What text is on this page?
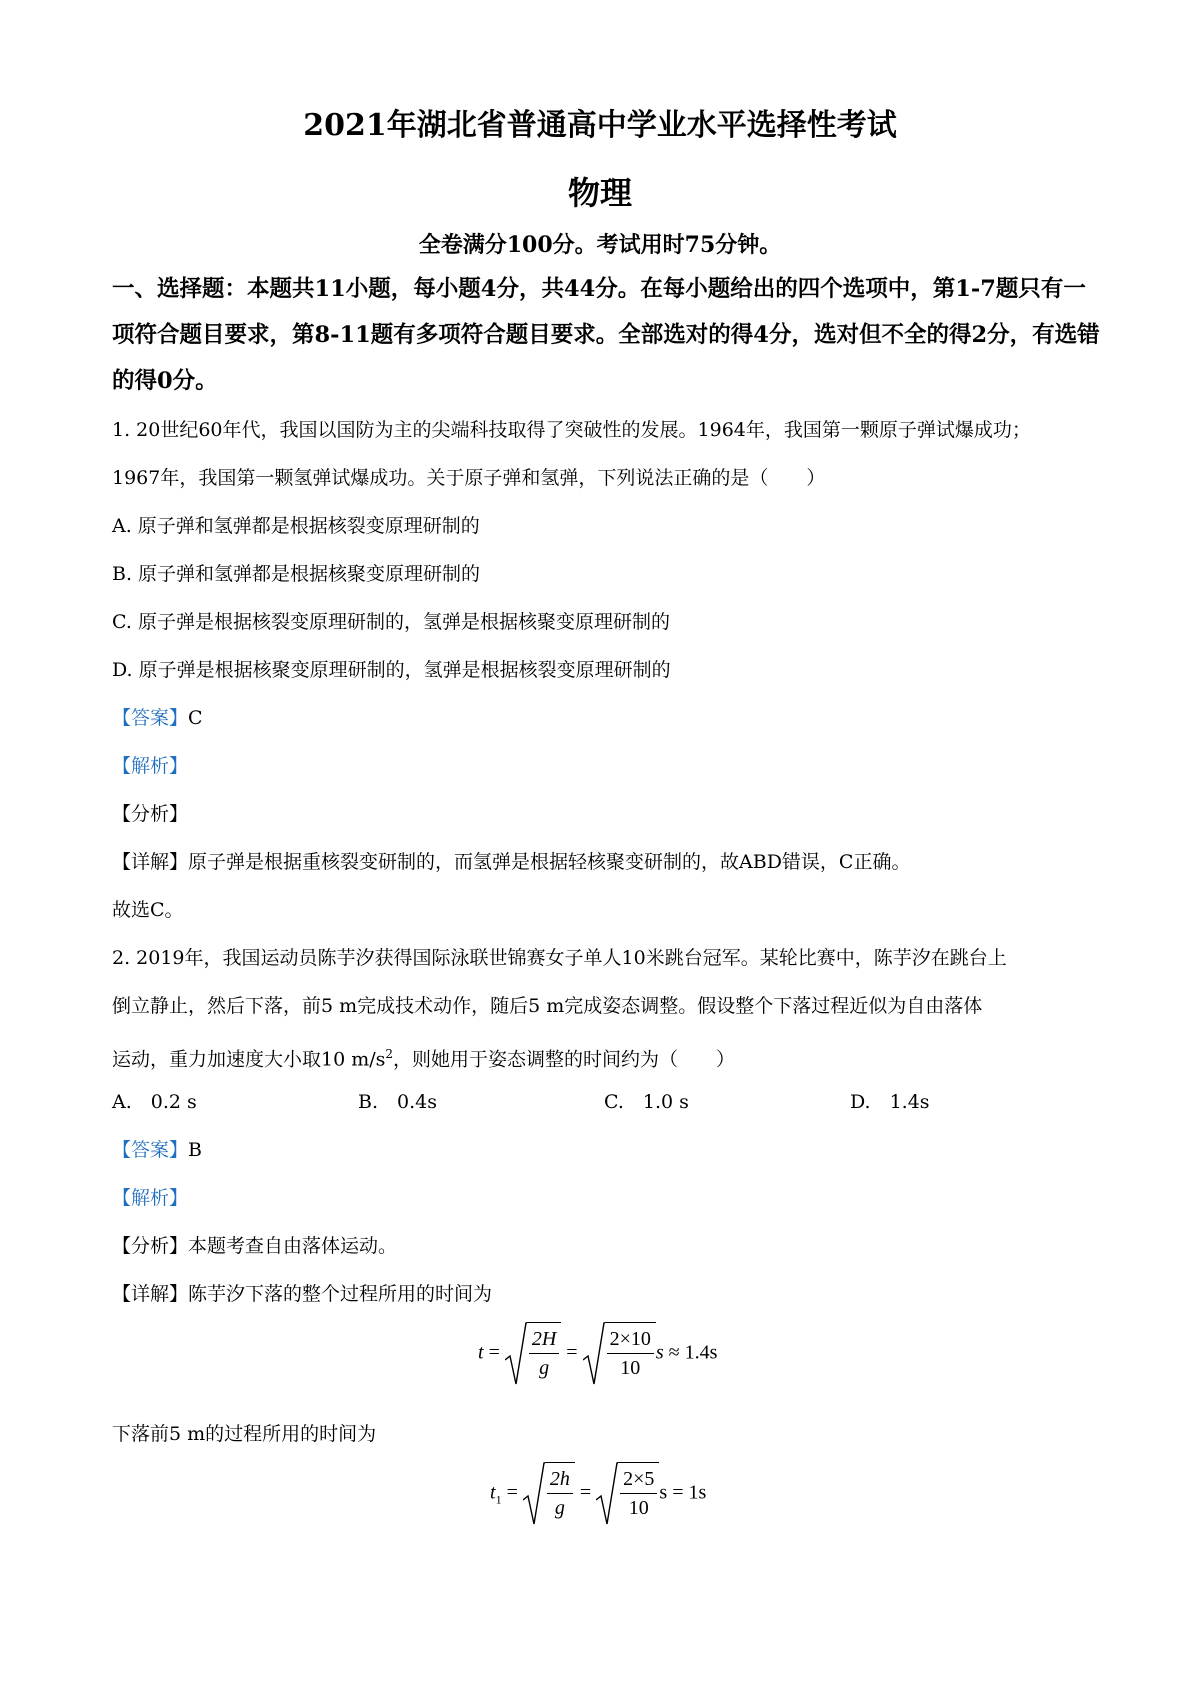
2021年湖北省普通高中学业水平选择性考试
物理
全卷满分100分。考试用时75分钟。
一、选择题：本题共11小题，每小题4分，共44分。在每小题给出的四个选项中，第1-7题只有一项符合题目要求，第8-11题有多项符合题目要求。全部选对的得4分，选对但不全的得2分，有选错的得0分。
1. 20世纪60年代，我国以国防为主的尖端科技取得了突破性的发展。1964年，我国第一颗原子弹试爆成功；
1967年，我国第一颗氢弹试爆成功。关于原子弹和氢弹，下列说法正确的是（　　）
A. 原子弹和氢弹都是根据核裂变原理研制的
B. 原子弹和氢弹都是根据核聚变原理研制的
C. 原子弹是根据核裂变原理研制的，氢弹是根据核聚变原理研制的
D. 原子弹是根据核聚变原理研制的，氢弹是根据核裂变原理研制的
【答案】C
【解析】
【分析】
【详解】原子弹是根据重核裂变研制的，而氢弹是根据轻核聚变研制的，故ABD错误，C正确。
故选C。
2. 2019年，我国运动员陈芋汐获得国际泳联世锦赛女子单人10米跳台冠军。某轮比赛中，陈芋汐在跳台上
倒立静止，然后下落，前5 m完成技术动作，随后5 m完成姿态调整。假设整个下落过程近似为自由落体
运动，重力加速度大小取10 $m/s^2$，则她用于姿态调整的时间约为（　　）
A.　0.2 s	B.　0.4s	C.　1.0 s	D.　1.4s
【答案】B
【解析】
【分析】本题考查自由落体运动。
【详解】陈芋汐下落的整个过程所用的时间为
$t = \frac{2H}{g} = \frac{2\times 10}{10}$ s ≈ 1.4s
下落前5 m的过程所用的时间为
$t_1 = \frac{2h}{g} = \frac{2\times 5}{10}$ s = 1s
